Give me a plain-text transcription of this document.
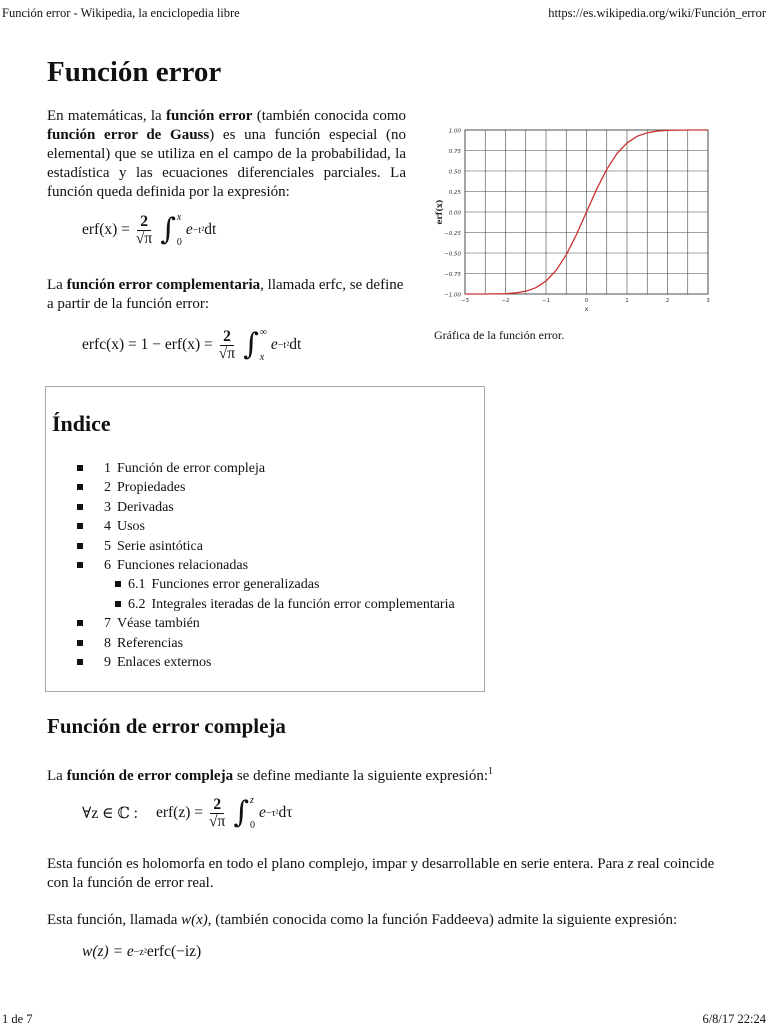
Función error - Wikipedia, la enciclopedia libre	https://es.wikipedia.org/wiki/Función_error
Función error

En matemáticas, la función error (también conocida como función error de Gauss) es una función especial (no elemental) que se utiliza en el campo de la probabilidad, la estadística y las ecuaciones diferenciales parciales. La función queda definida por la expresión:

$erf(x) = \frac{2}{√\pi}$ ∫ x
0
e −t² dt

La función error complementaria, llamada erfc, se define a partir de la función error:

erfc(x) = $1 - erf(x) = \frac{2}{√\pi}$ ∫ ∞
x
e −t² dt
1.00
0.75
0.50
0.25
0.00
−0.25
−0.50
−0.75
−1.00
−3	−2	−1	0	1	2	3
x
erf(x)
Gráfica de la función error.
Índice
1 Función de error compleja
2 Propiedades
3 Derivadas
4 Usos
5 Serie asintótica
6 Funciones relacionadas
6.1 Funciones error generalizadas
6.2 Integrales iteradas de la función error complementaria
7 Véase también
8 Referencias
9 Enlaces externos
Función de error compleja

La función de error compleja se define mediante la siguiente expresión:$^1$

∀z ∈ ℂ : $erf(z) = \frac{2}{√\pi}$ ∫ z
0
e −τ² dτ

Esta función es holomorfa en todo el plano complejo, impar y desarrollable en serie entera. Para z real coincide con la función de error real.

Esta función, llamada w(x), (también conocida como la función Faddeeva) admite la siguiente expresión:

w(z) = e −z² erfc(−iz)
1 de 7	6/8/17 22:24
